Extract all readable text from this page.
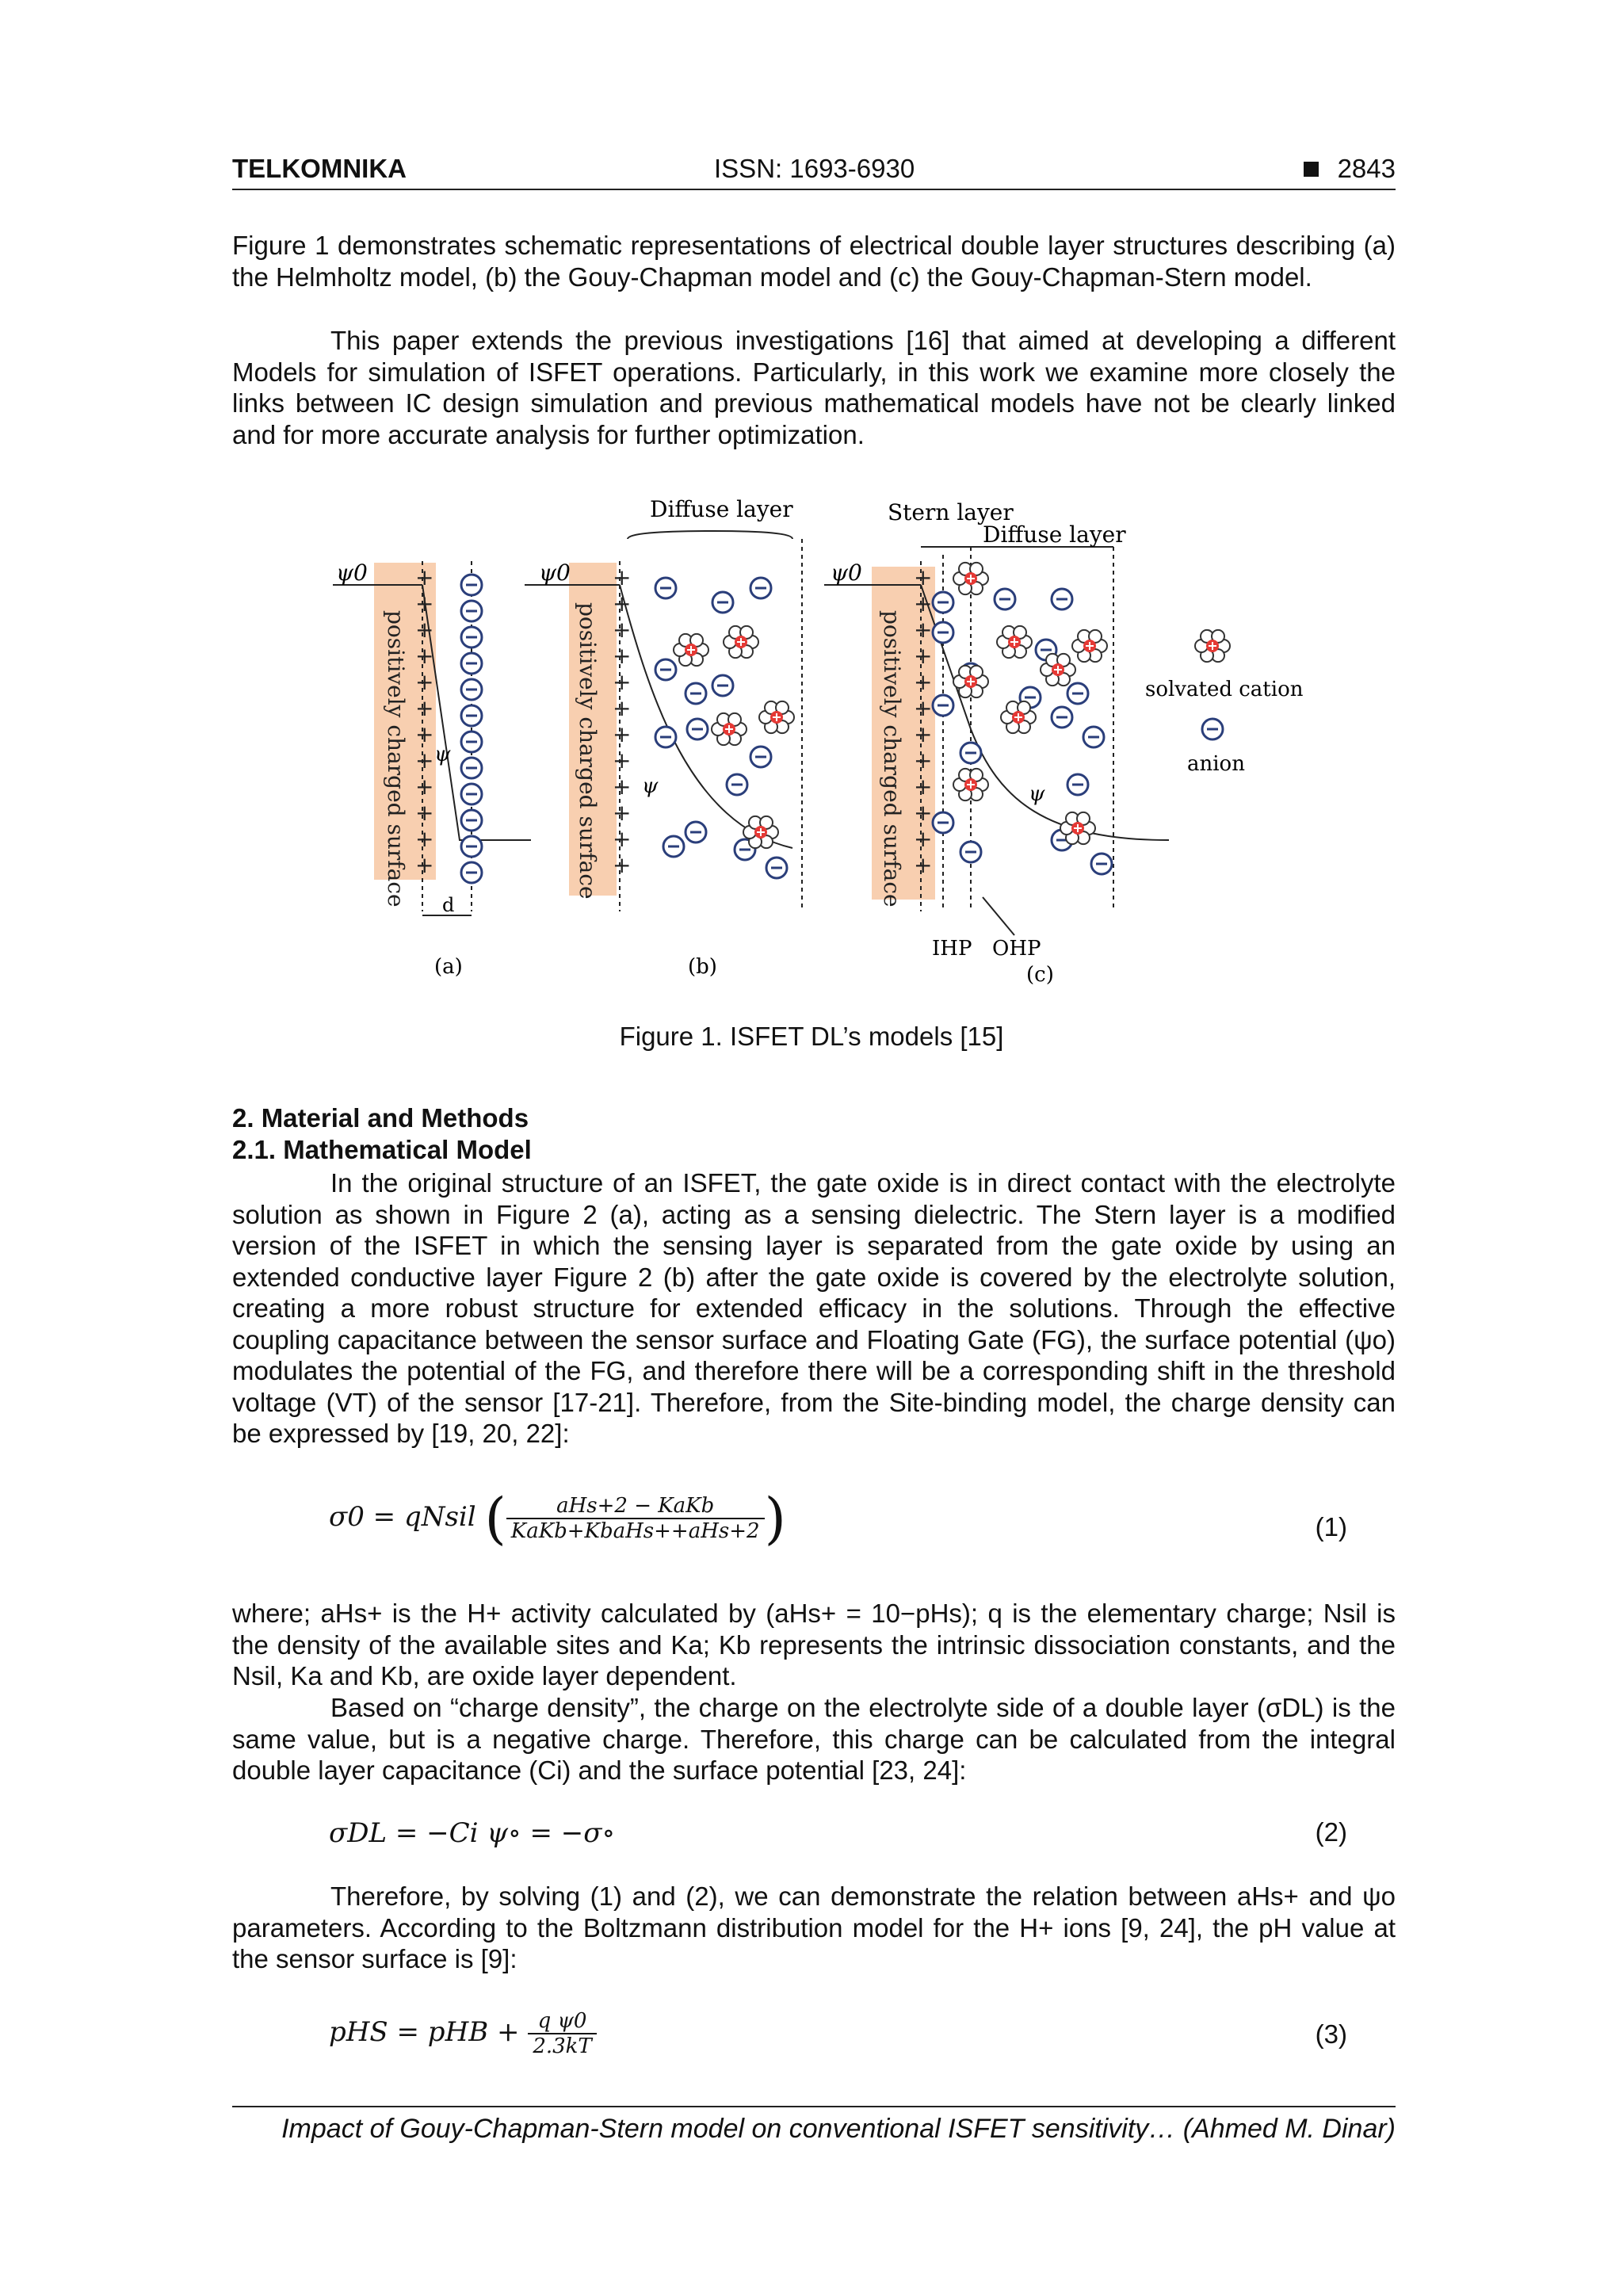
TELKOMNIKA	ISSN: 1693-6930	2843
Figure 1 demonstrates schematic representations of electrical double layer structures describing (a) the Helmholtz model, (b) the Gouy-Chapman model and (c) the Gouy-Chapman-Stern model.
This paper extends the previous investigations [16] that aimed at developing a different Models for simulation of ISFET operations. Particularly, in this work we examine more closely the links between IC design simulation and previous mathematical models have not be clearly linked and for more accurate analysis for further optimization.
positively charged surface
ψ0
ψ
d
(a)
+
+
+
+
+
+
+
+
+
+
+
+	positively charged surface
ψ0
ψ
Diffuse layer
(b)
+
+
+
+
+
+
+
+
+
+
+
+	positively charged surface
ψ0
ψ
Stern layer
Diffuse layer
IHP OHP
(c)
+
+
+
+
+
+
+
+
+
+
+
+
solvated cation
anion
Figure 1. ISFET DL’s models [15]
2. Material and Methods
2.1. Mathematical Model
In the original structure of an ISFET, the gate oxide is in direct contact with the electrolyte solution as shown in Figure 2 (a), acting as a sensing dielectric. The Stern layer is a modified version of the ISFET in which the sensing layer is separated from the gate oxide by using an extended conductive layer Figure 2 (b) after the gate oxide is covered by the electrolyte solution, creating a more robust structure for extended efficacy in the solutions. Through the effective coupling capacitance between the sensor surface and Floating Gate (FG), the surface potential (ψo) modulates the potential of the FG, and therefore there will be a corresponding shift in the threshold voltage (VT) of the sensor [17-21]. Therefore, from the Site-binding model, the charge density can be expressed by [19, 20, 22]:
σ0 = qNsil ( $\frac{\text{aHs+2 − KaKb}}{\text{KaKb+KbaHs++aHs+2}}$ )	(1)
where; aHs+ is the H+ activity calculated by (aHs+ = 10−pHs); q is the elementary charge; Nsil is the density of the available sites and Ka; Kb represents the intrinsic dissociation constants, and the Nsil, Ka and Kb, are oxide layer dependent.
Based on “charge density”, the charge on the electrolyte side of a double layer (σDL) is the same value, but is a negative charge. Therefore, this charge can be calculated from the integral double layer capacitance (Ci) and the surface potential [23, 24]:
σDL = −Ci ψ∘ = −σ∘	(2)
Therefore, by solving (1) and (2), we can demonstrate the relation between aHs+ and ψo parameters. According to the Boltzmann distribution model for the H+ ions [9, 24], the pH value at the sensor surface is [9]:
pHS = pHB + $\frac{\text{q ψ0}}{2.3kT}$	(3)
Impact of Gouy-Chapman-Stern model on conventional ISFET sensitivity… (Ahmed M. Dinar)
